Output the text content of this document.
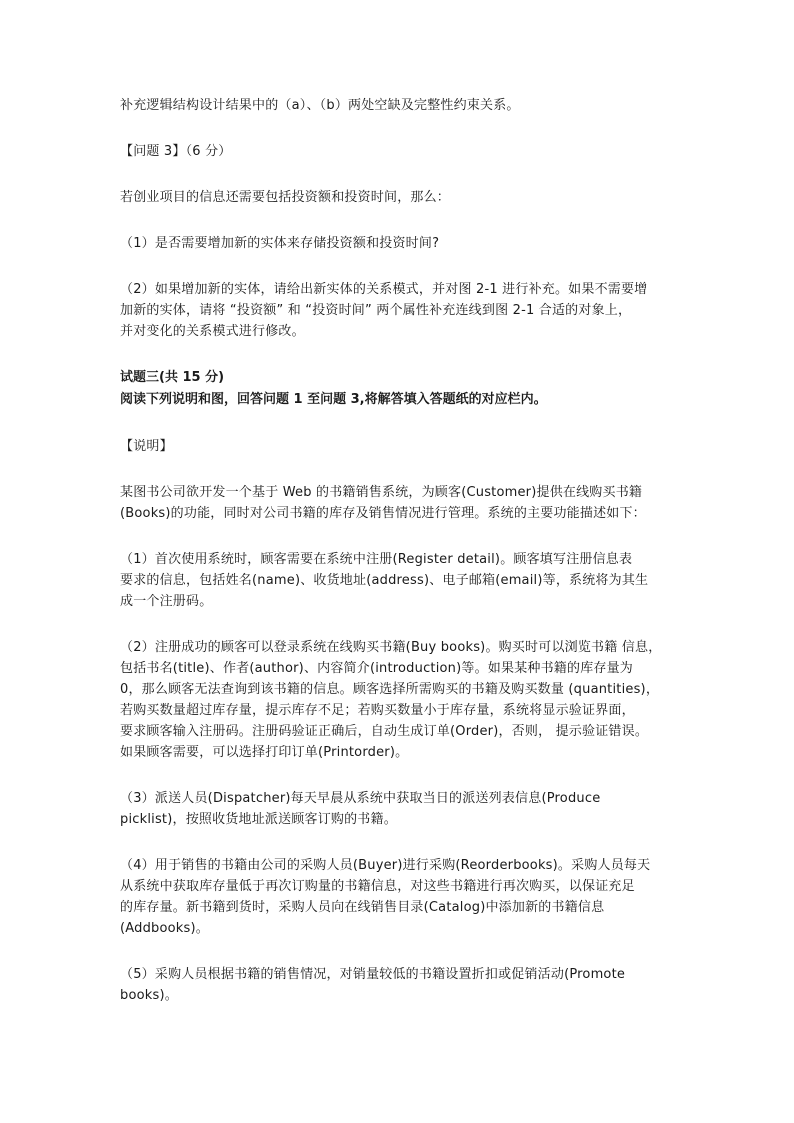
补充逻辑结构设计结果中的（a）、（b）两处空缺及完整性约束关系。

【问题 3】（6 分）

若创业项目的信息还需要包括投资额和投资时间，那么：

（1）是否需要增加新的实体来存储投资额和投资时间?

（2）如果增加新的实体，请给出新实体的关系模式，并对图 2-1 进行补充。如果不需要增
加新的实体，请将 “投资额” 和 “投资时间” 两个属性补充连线到图 2-1 合适的对象上，
并对变化的关系模式进行修改。

试题三(共 15 分)

阅读下列说明和图，回答问题 1 至问题 3,将解答填入答题纸的对应栏内。

【说明】

某图书公司欲开发一个基于 Web 的书籍销售系统，为顾客(Customer)提供在线购买书籍
(Books)的功能，同时对公司书籍的库存及销售情况进行管理。系统的主要功能描述如下：

（1）首次使用系统时，顾客需要在系统中注册(Register detail)。顾客填写注册信息表
要求的信息，包括姓名(name)、收货地址(address)、电子邮箱(email)等，系统将为其生
成一个注册码。

（2）注册成功的顾客可以登录系统在线购买书籍(Buy books)。购买时可以浏览书籍 信息，
包括书名(title)、作者(author)、内容简介(introduction)等。如果某种书籍的库存量为
0，那么顾客无法查询到该书籍的信息。顾客选择所需购买的书籍及购买数量 (quantities)，
若购买数量超过库存量，提示库存不足；若购买数量小于库存量，系统将显示验证界面，
要求顾客输入注册码。注册码验证正确后，自动生成订单(Order)，否则， 提示验证错误。
如果顾客需要，可以选择打印订单(Printorder)。

（3）派送人员(Dispatcher)每天早晨从系统中获取当日的派送列表信息(Produce
picklist)，按照收货地址派送顾客订购的书籍。

（4）用于销售的书籍由公司的采购人员(Buyer)进行采购(Reorderbooks)。采购人员每天
从系统中获取库存量低于再次订购量的书籍信息，对这些书籍进行再次购买，以保证充足
的库存量。新书籍到货时，采购人员向在线销售目录(Catalog)中添加新的书籍信息
(Addbooks)。

（5）采购人员根据书籍的销售情况，对销量较低的书籍设置折扣或促销活动(Promote
books)。
